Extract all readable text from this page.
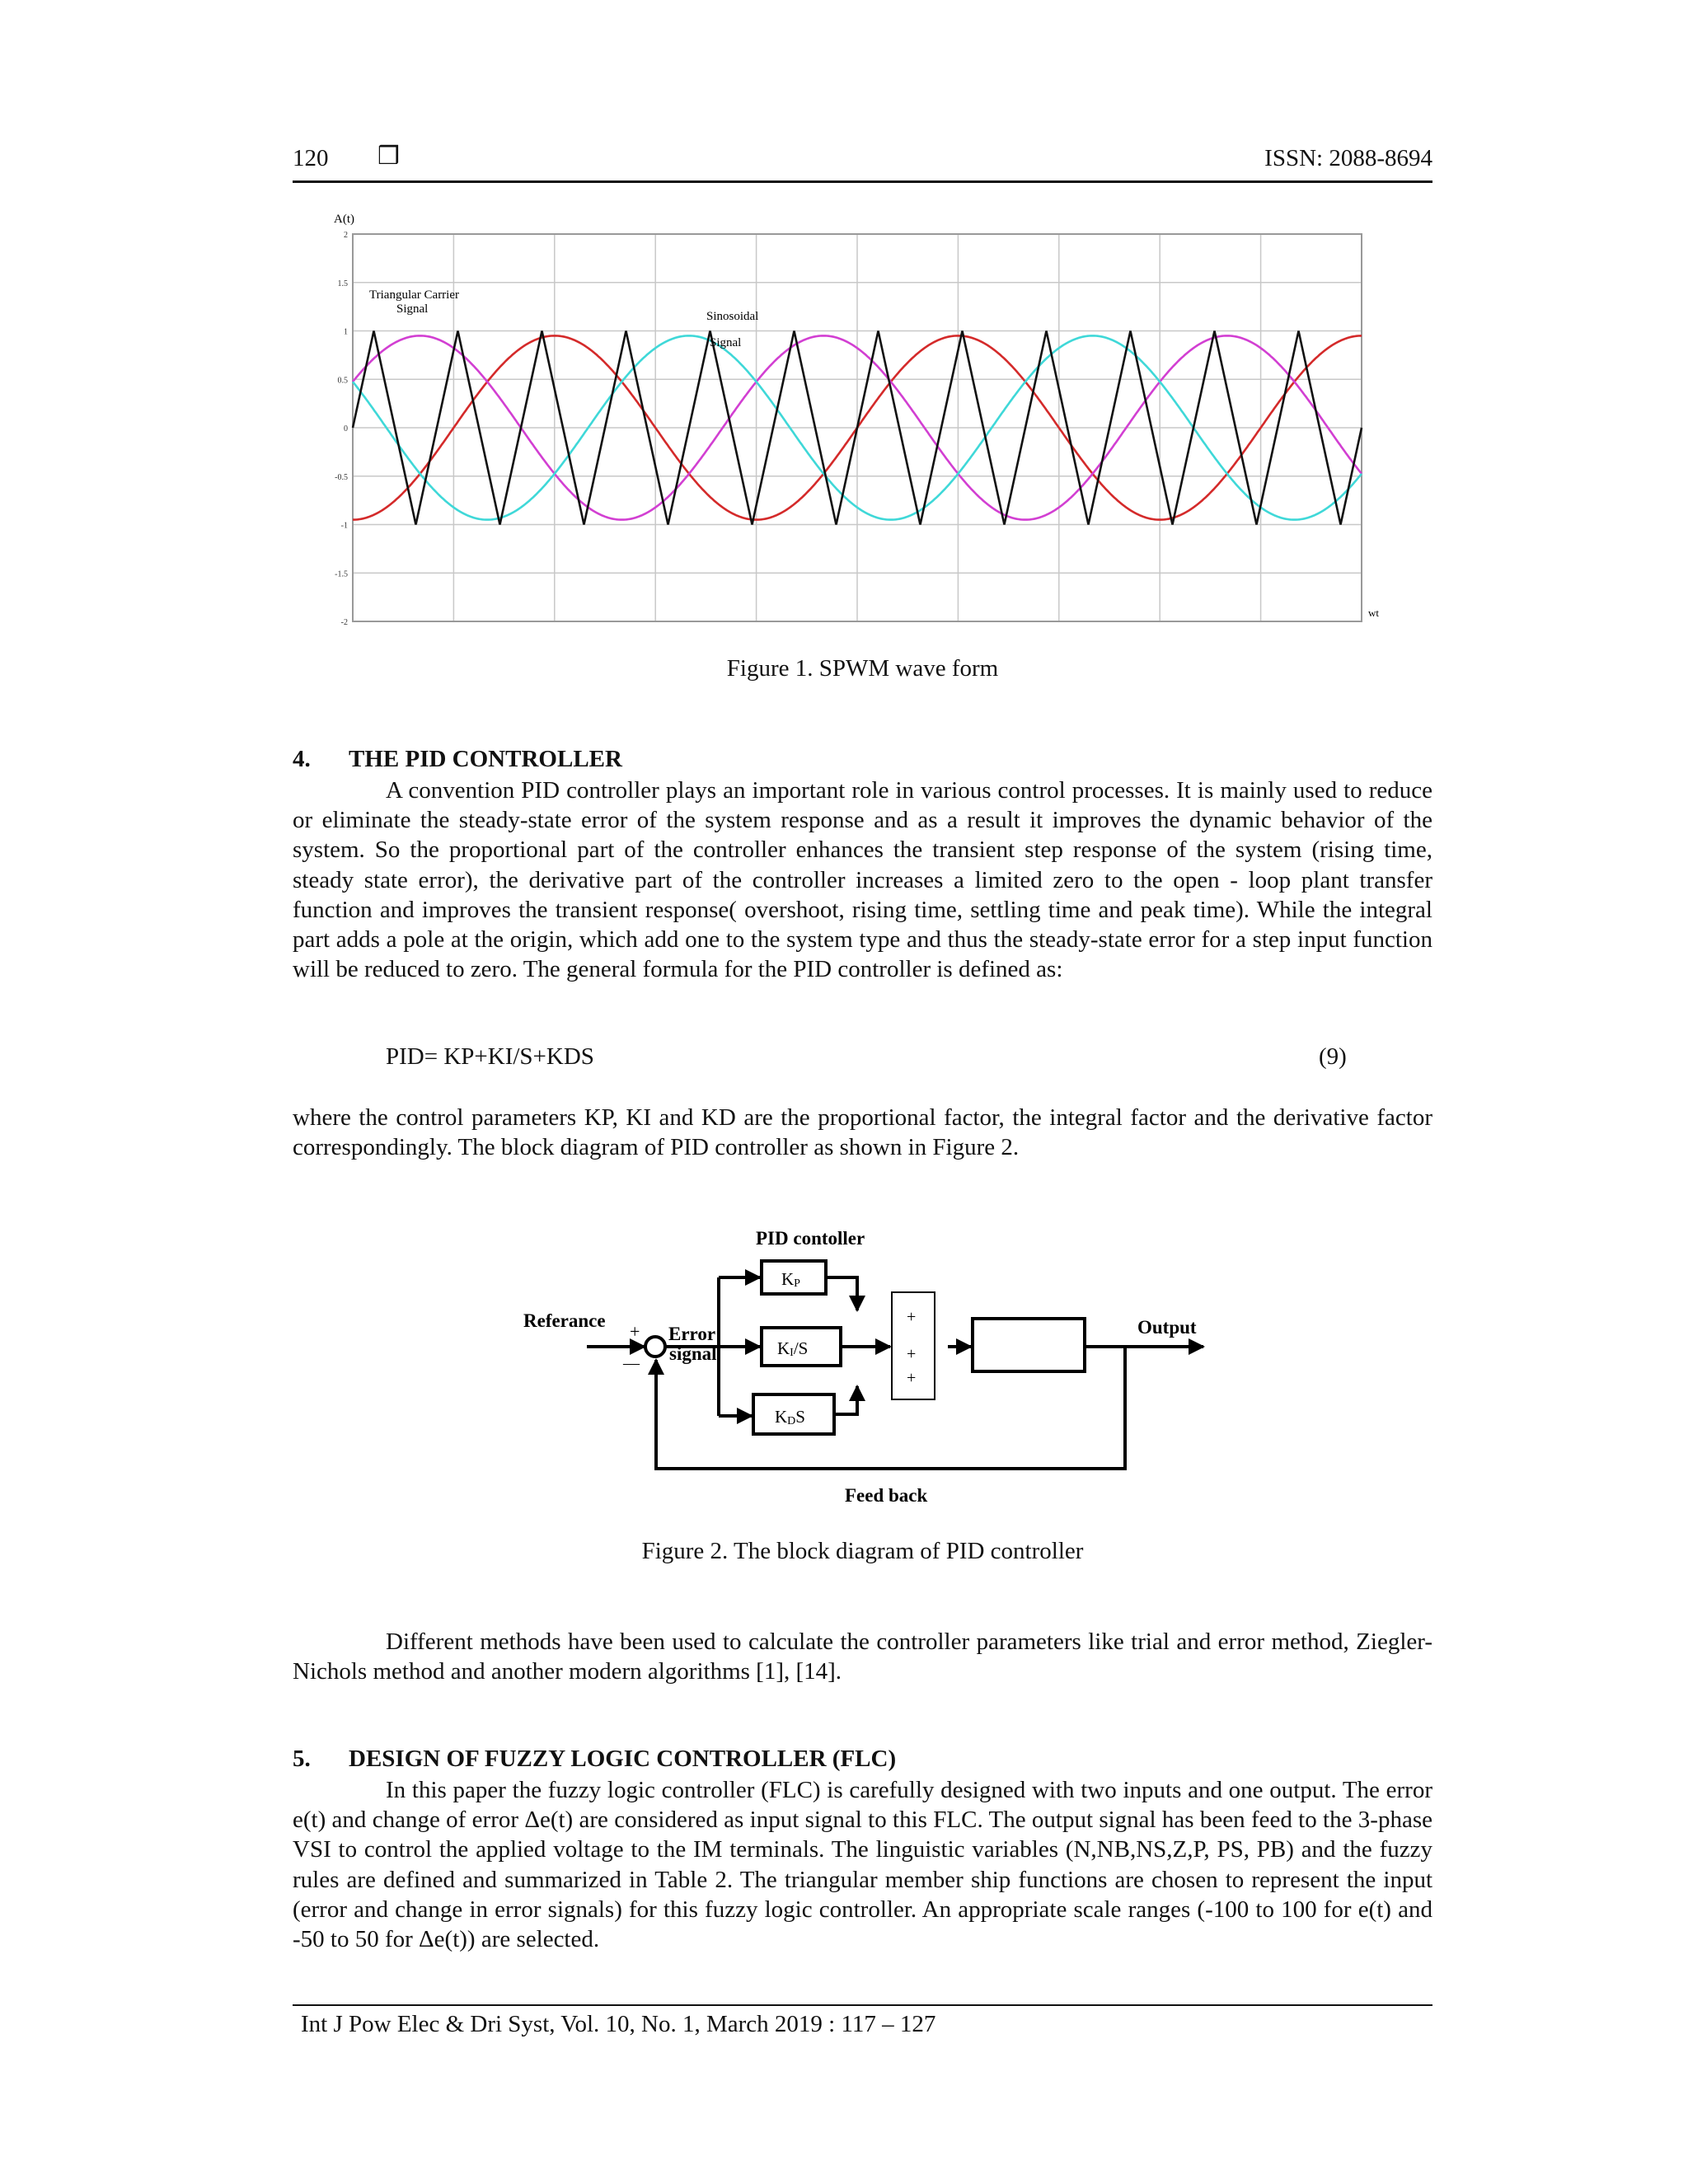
120 ❒	ISSN: 2088-8694
A(t)
2
1.5
1
0.5
0
-0.5
-1
-1.5
-2
wt
Triangular Carrier
Signal
Sinosoidal
Signal
Figure 1. SPWM wave form
4. THE PID CONTROLLER

A convention PID controller plays an important role in various control processes. It is mainly used to reduce or eliminate the steady-state error of the system response and as a result it improves the dynamic behavior of the system. So the proportional part of the controller enhances the transient step response of the system (rising time, steady state error), the derivative part of the controller increases a limited zero to the open - loop plant transfer function and improves the transient response( overshoot, rising time, settling time and peak time). While the integral part adds a pole at the origin, which add one to the system type and thus the steady-state error for a step input function will be reduced to zero. The general formula for the PID controller is defined as:

PID= KP+KI/S+KDS	(9)

where the control parameters KP, KI and KD are the proportional factor, the integral factor and the derivative factor correspondingly. The block diagram of PID controller as shown in Figure 2.

PID contoller
Referance
Error
signal
Output
Feed back
+
—
KP
KI/S
KDS
+
+
+
Figure 2. The block diagram of PID controller

Different methods have been used to calculate the controller parameters like trial and error method, Ziegler-Nichols method and another modern algorithms [1], [14].

5. DESIGN OF FUZZY LOGIC CONTROLLER (FLC)

In this paper the fuzzy logic controller (FLC) is carefully designed with two inputs and one output. The error e(t) and change of error Δe(t) are considered as input signal to this FLC. The output signal has been feed to the 3-phase VSI to control the applied voltage to the IM terminals. The linguistic variables (N,NB,NS,Z,P, PS, PB) and the fuzzy rules are defined and summarized in Table 2. The triangular member ship functions are chosen to represent the input (error and change in error signals) for this fuzzy logic controller. An appropriate scale ranges (-100 to 100 for e(t) and -50 to 50 for Δe(t)) are selected.

Int J Pow Elec & Dri Syst, Vol. 10, No. 1, March 2019 : 117 – 127
